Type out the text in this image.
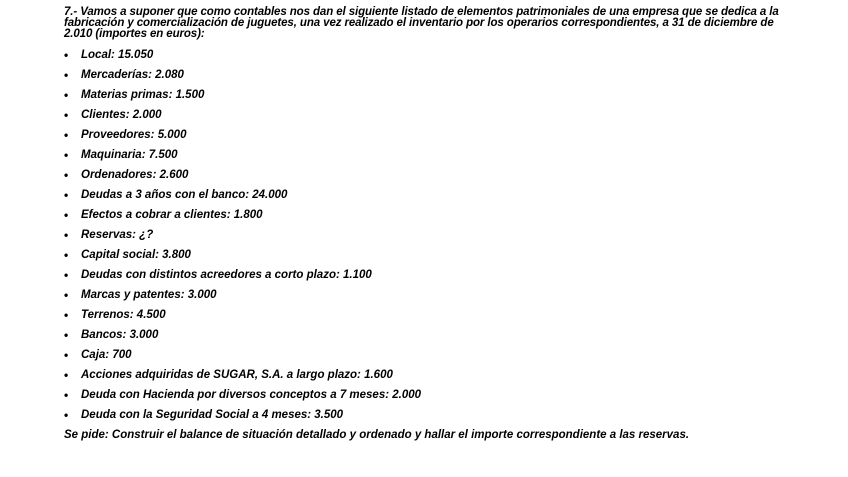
7.- Vamos a suponer que como contables nos dan el siguiente listado de elementos patrimoniales de una empresa que se dedica a la fabricación y comercialización de juguetes, una vez realizado el inventario por los operarios correspondientes, a 31 de diciembre de 2.010 (importes en euros):

• Local: 15.050
• Mercaderías: 2.080
• Materias primas: 1.500
• Clientes: 2.000
• Proveedores: 5.000
• Maquinaria: 7.500
• Ordenadores: 2.600
• Deudas a 3 años con el banco: 24.000
• Efectos a cobrar a clientes: 1.800
• Reservas: ¿?
• Capital social: 3.800
• Deudas con distintos acreedores a corto plazo: 1.100
• Marcas y patentes: 3.000
• Terrenos: 4.500
• Bancos: 3.000
• Caja: 700
• Acciones adquiridas de SUGAR, S.A. a largo plazo: 1.600
• Deuda con Hacienda por diversos conceptos a 7 meses: 2.000
• Deuda con la Seguridad Social a 4 meses: 3.500

Se pide: Construir el balance de situación detallado y ordenado y hallar el importe correspondiente a las reservas.
